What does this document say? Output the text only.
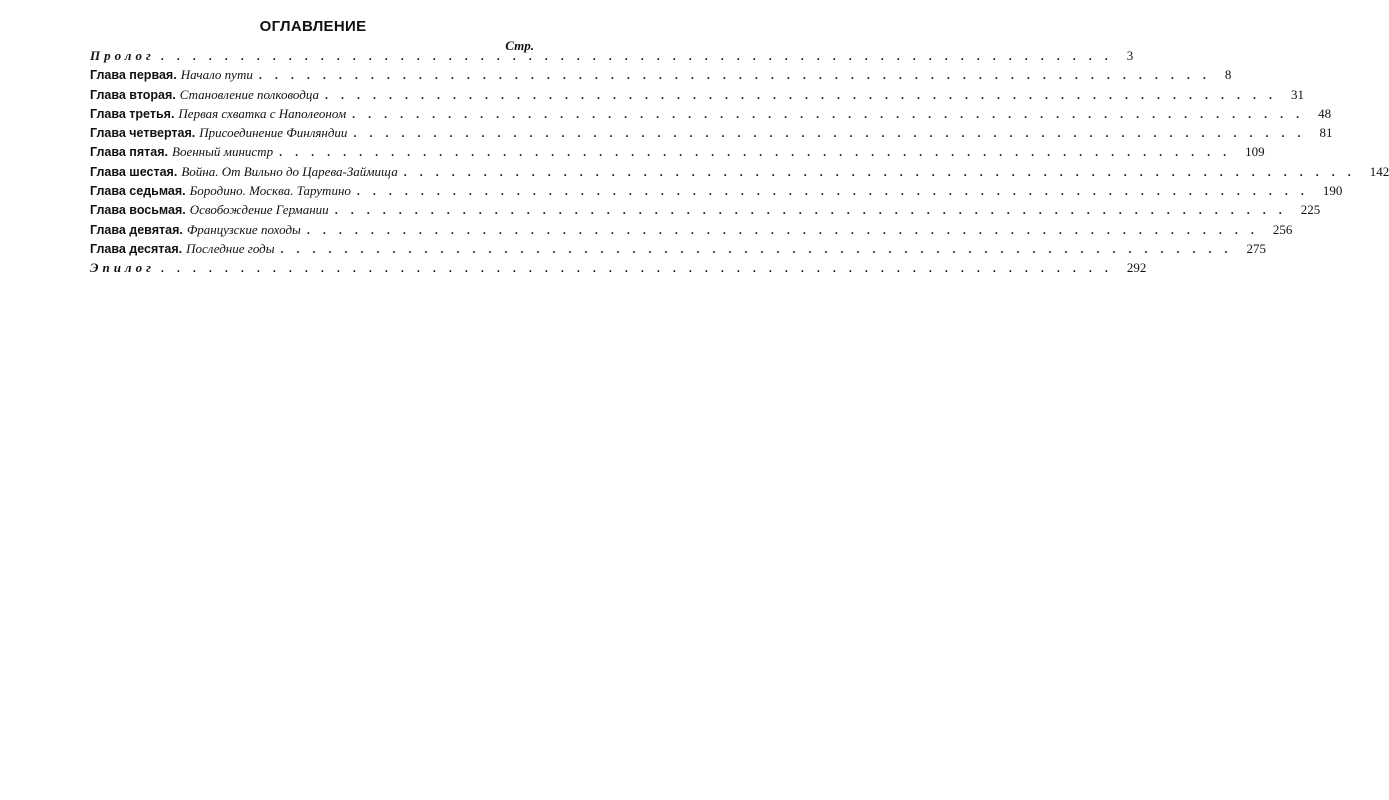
ОГЛАВЛЕНИЕ
Стр.
Пролог ............................................................ 3
Глава первая. Начало пути ............................................................ 8
Глава вторая. Становление полководца ............................................................ 31
Глава третья. Первая схватка с Наполеоном ............................................................ 48
Глава четвертая. Присоединение Финляндии ............................................................ 81
Глава пятая. Военный министр ............................................................ 109
Глава шестая. Война. От Вильно до Царева-Займища ............................................................ 142
Глава седьмая. Бородино. Москва. Тарутино ............................................................ 190
Глава восьмая. Освобождение Германии ............................................................ 225
Глава девятая. Французские походы ............................................................ 256
Глава десятая. Последние годы ............................................................ 275
Эпилог ............................................................ 292
